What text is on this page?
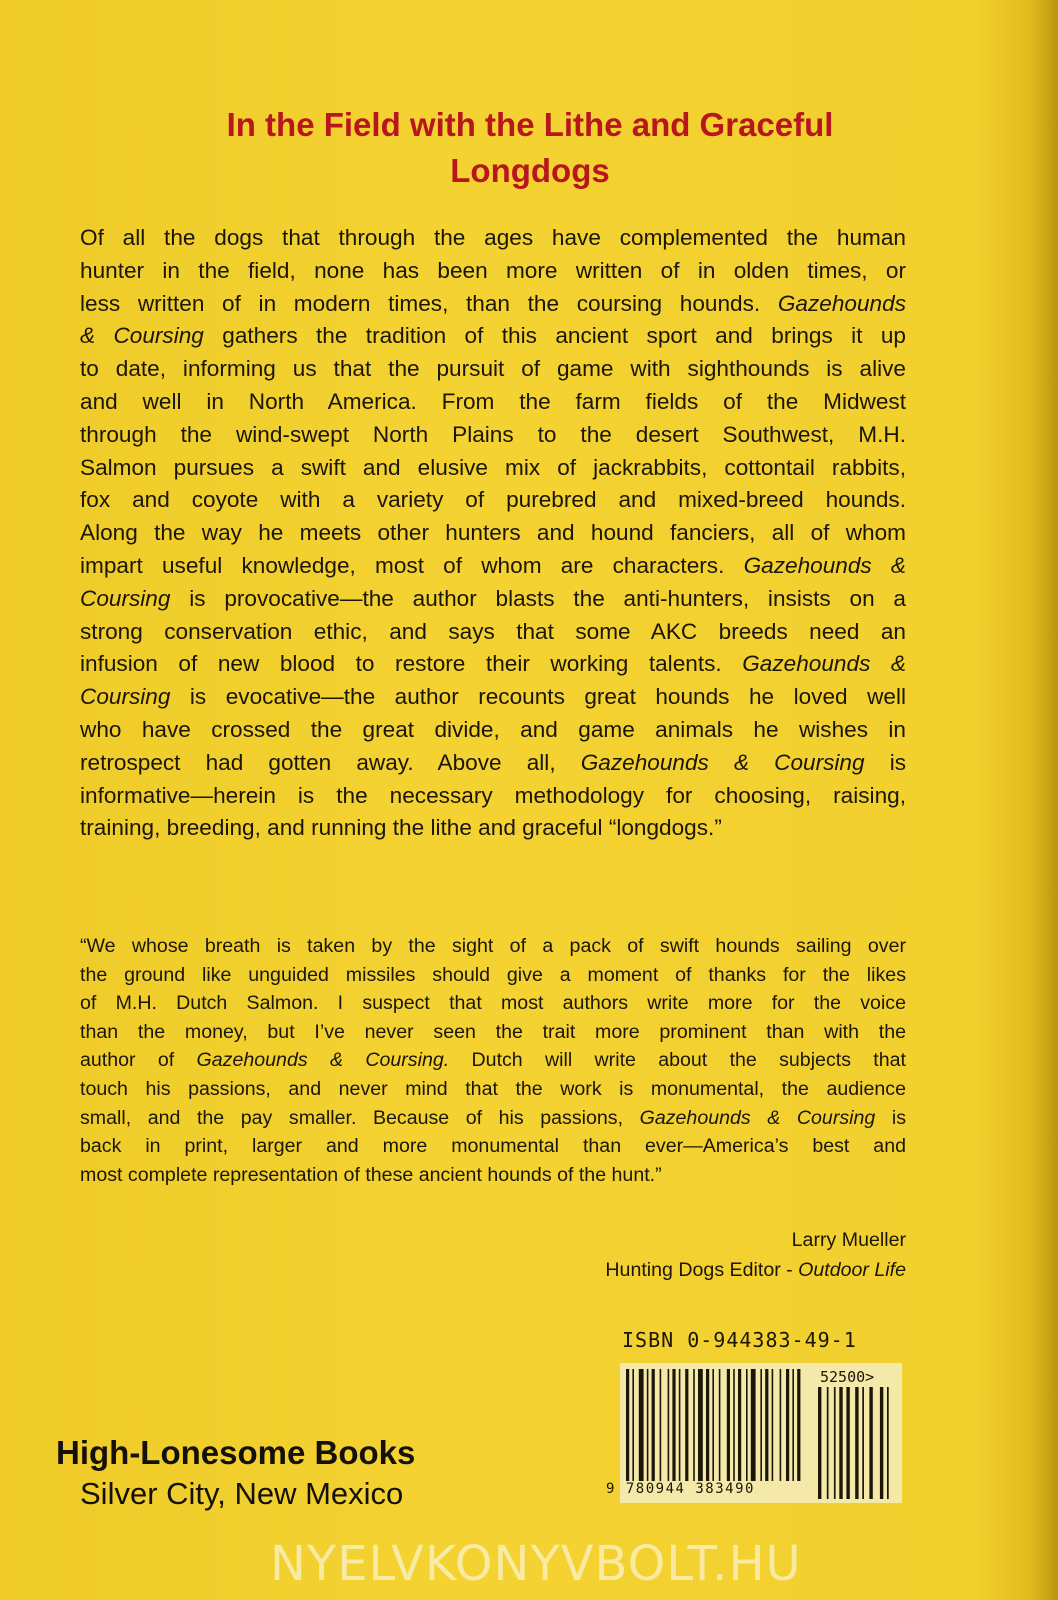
In the Field with the Lithe and Graceful
Longdogs
Of all the dogs that through the ages have complemented the human
hunter in the field, none has been more written of in olden times, or
less written of in modern times, than the coursing hounds. Gazehounds
& Coursing gathers the tradition of this ancient sport and brings it up
to date, informing us that the pursuit of game with sighthounds is alive
and well in North America. From the farm fields of the Midwest
through the wind-swept North Plains to the desert Southwest, M.H.
Salmon pursues a swift and elusive mix of jackrabbits, cottontail rabbits,
fox and coyote with a variety of purebred and mixed-breed hounds.
Along the way he meets other hunters and hound fanciers, all of whom
impart useful knowledge, most of whom are characters. Gazehounds &
Coursing is provocative—the author blasts the anti-hunters, insists on a
strong conservation ethic, and says that some AKC breeds need an
infusion of new blood to restore their working talents. Gazehounds &
Coursing is evocative—the author recounts great hounds he loved well
who have crossed the great divide, and game animals he wishes in
retrospect had gotten away. Above all, Gazehounds & Coursing is
informative—herein is the necessary methodology for choosing, raising,
training, breeding, and running the lithe and graceful “longdogs.”
“We whose breath is taken by the sight of a pack of swift hounds sailing over
the ground like unguided missiles should give a moment of thanks for the likes
of M.H. Dutch Salmon. I suspect that most authors write more for the voice
than the money, but I’ve never seen the trait more prominent than with the
author of Gazehounds & Coursing. Dutch will write about the subjects that
touch his passions, and never mind that the work is monumental, the audience
small, and the pay smaller. Because of his passions, Gazehounds & Coursing is
back in print, larger and more monumental than ever—America’s best and
most complete representation of these ancient hounds of the hunt.”
Larry Mueller
Hunting Dogs Editor - Outdoor Life
ISBN 0-944383-49-1
52500>
9 780944 383490
High-Lonesome Books
Silver City, New Mexico
NYELVKONYVBOLT.HU
